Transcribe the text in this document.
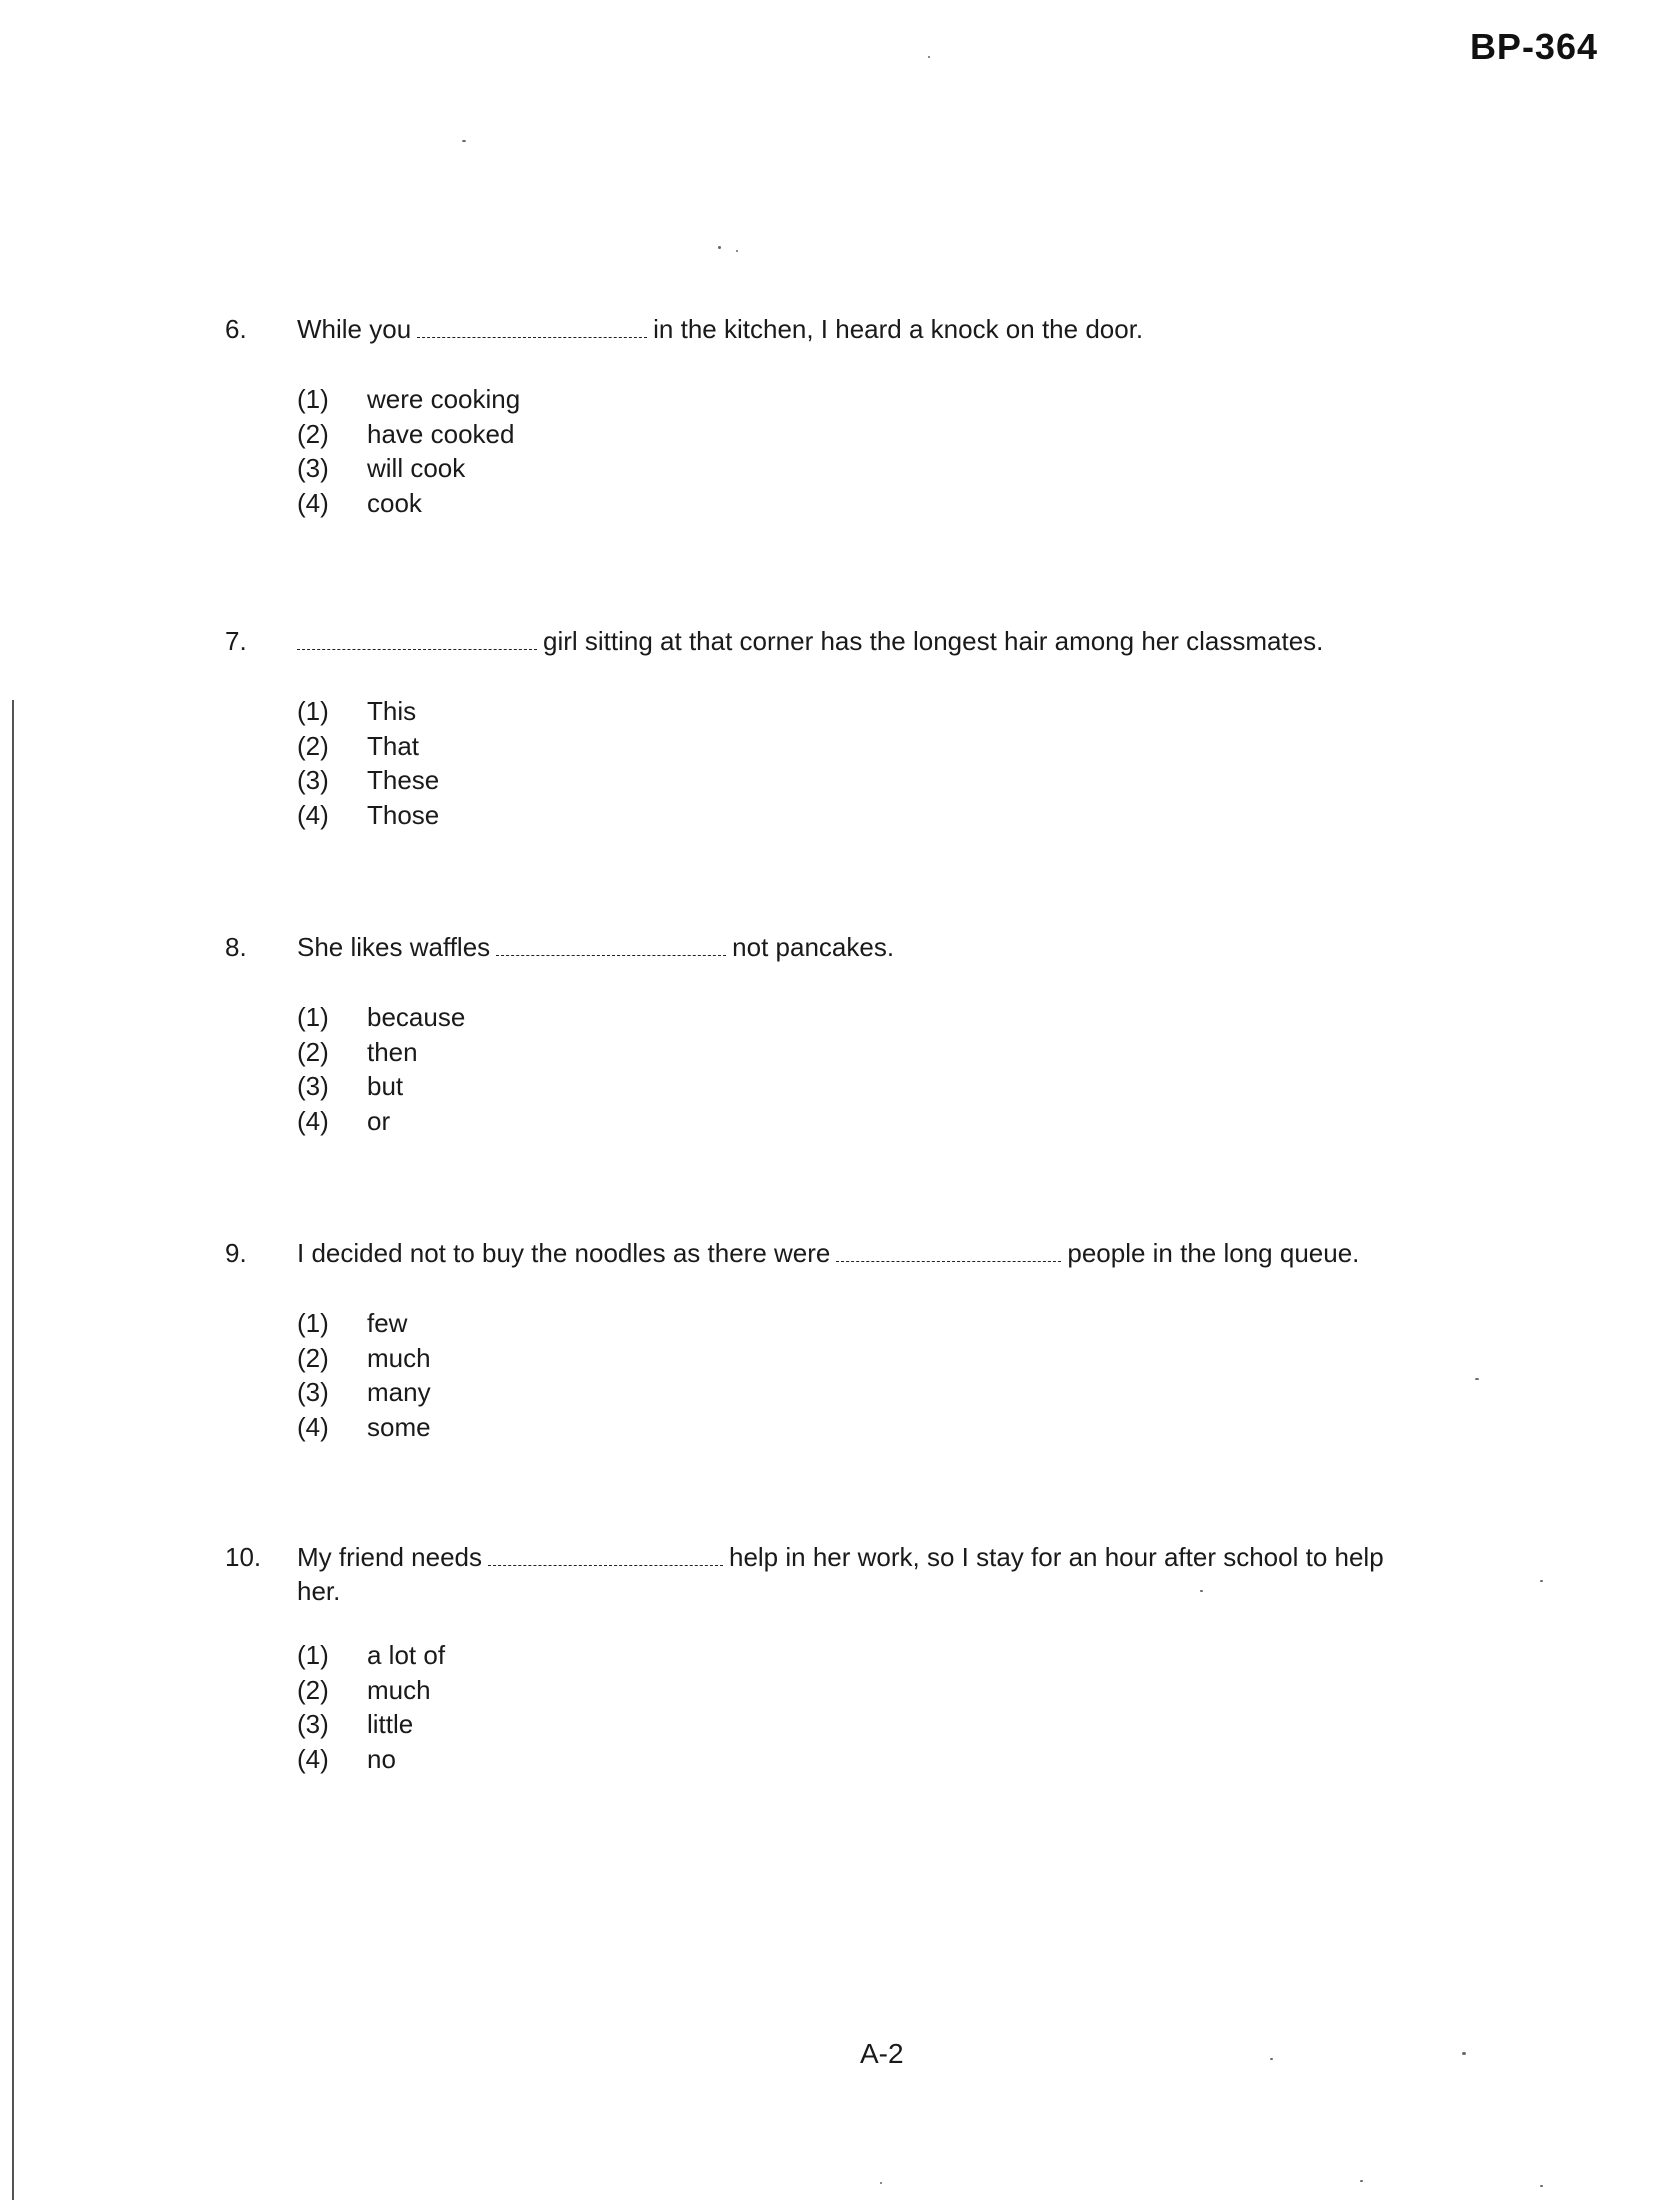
BP-364
6.	While you	in the kitchen, I heard a knock on the door.
(1)	were cooking
(2)	have cooked
(3)	will cook
(4)	cook
7.	girl sitting at that corner has the longest hair among her classmates.
(1)	This
(2)	That
(3)	These
(4)	Those
8.	She likes waffles	not pancakes.
(1)	because
(2)	then
(3)	but
(4)	or
9.	I decided not to buy the noodles as there were	people in the long queue.
(1)	few
(2)	much
(3)	many
(4)	some
10.	My friend needs	help in her work, so I stay for an hour after school to help
her.
(1)	a lot of
(2)	much
(3)	little
(4)	no
A-2
